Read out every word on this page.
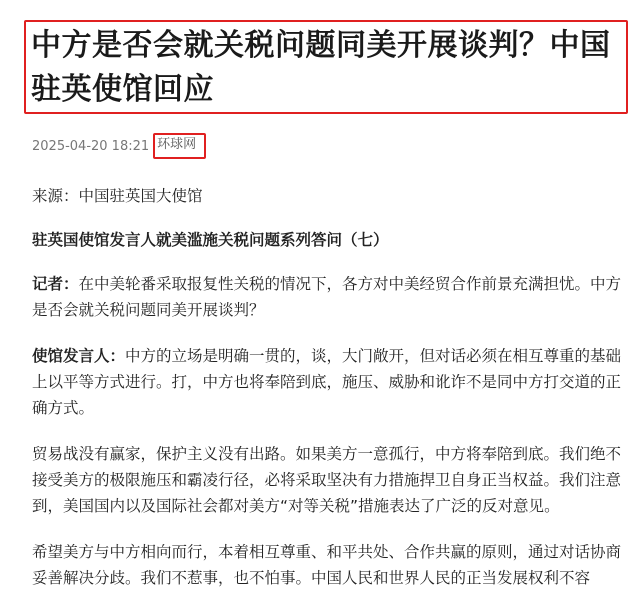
中方是否会就关税问题同美开展谈判？中国驻英使馆回应
2025-04-20 18:21 环球网

来源：中国驻英国大使馆

驻英国使馆发言人就美滥施关税问题系列答问（七）

记者：在中美轮番采取报复性关税的情况下，各方对中美经贸合作前景充满担忧。中方是否会就关税问题同美开展谈判？

使馆发言人：中方的立场是明确一贯的，谈，大门敞开，但对话必须在相互尊重的基础上以平等方式进行。打，中方也将奉陪到底，施压、威胁和讹诈不是同中方打交道的正确方式。

贸易战没有赢家，保护主义没有出路。如果美方一意孤行，中方将奉陪到底。我们绝不接受美方的极限施压和霸凌行径，必将采取坚决有力措施捍卫自身正当权益。我们注意到，美国国内以及国际社会都对美方“对等关税”措施表达了广泛的反对意见。

希望美方与中方相向而行，本着相互尊重、和平共处、合作共赢的原则，通过对话协商妥善解决分歧。我们不惹事，也不怕事。中国人民和世界人民的正当发展权利不容
